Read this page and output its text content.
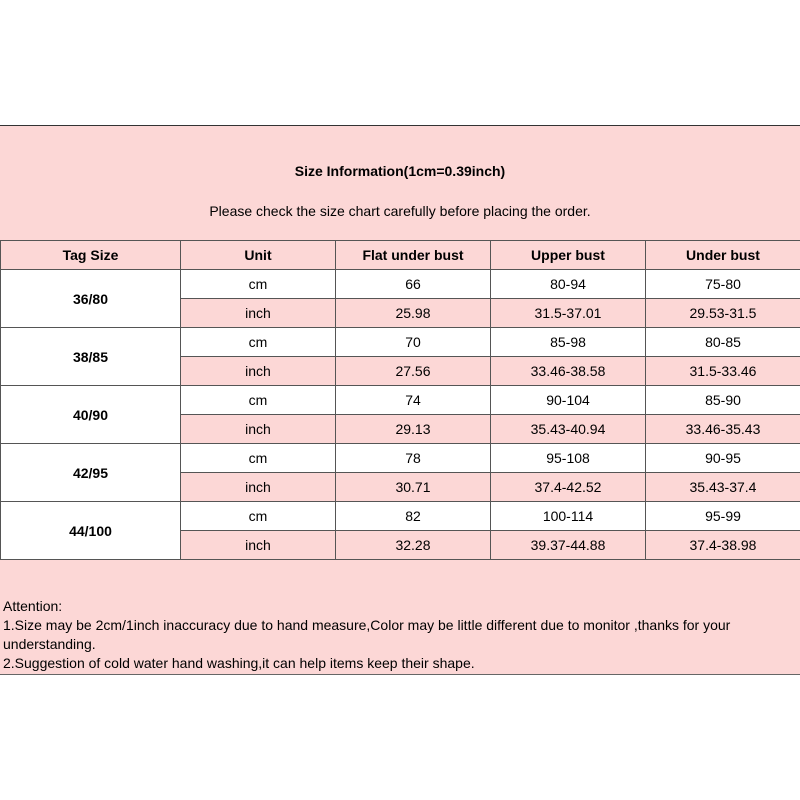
Size Information(1cm=0.39inch)
Please check the size chart carefully before placing the order.
Tag Size	Unit	Flat under bust	Upper bust	Under bust
36/80	cm	66	80-94	75-80
	inch	25.98	31.5-37.01	29.53-31.5
38/85	cm	70	85-98	80-85
	inch	27.56	33.46-38.58	31.5-33.46
40/90	cm	74	90-104	85-90
	inch	29.13	35.43-40.94	33.46-35.43
42/95	cm	78	95-108	90-95
	inch	30.71	37.4-42.52	35.43-37.4
44/100	cm	82	100-114	95-99
	inch	32.28	39.37-44.88	37.4-38.98
Attention:
1.Size may be 2cm/1inch inaccuracy due to hand measure,Color may be little different due to monitor ,thanks for your understanding.
2.Suggestion of cold water hand washing,it can help items keep their shape.
